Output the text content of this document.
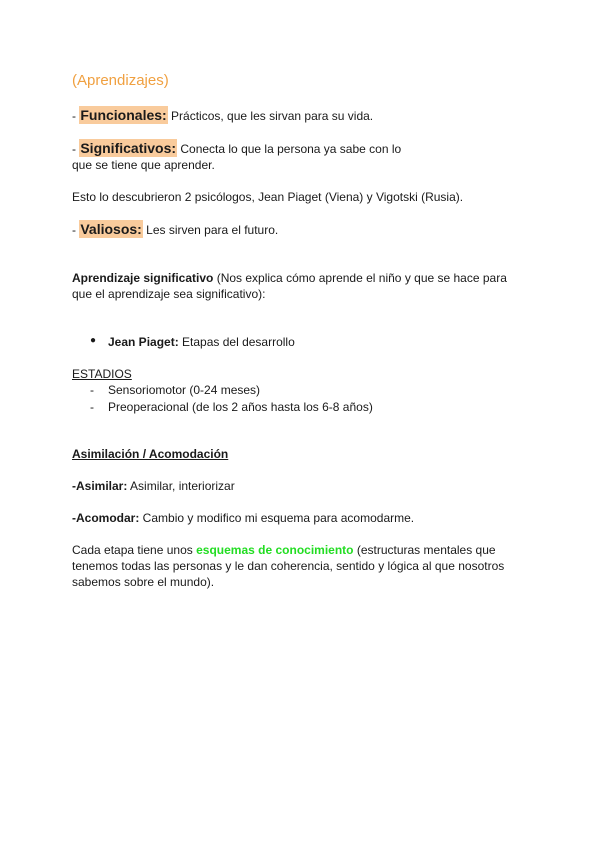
(Aprendizajes)
- Funcionales: Prácticos, que les sirvan para su vida.
- Significativos: Conecta lo que la persona ya sabe con lo
que se tiene que aprender.
Esto lo descubrieron 2 psicólogos, Jean Piaget (Viena) y Vigotski (Rusia).
- Valiosos: Les sirven para el futuro.
Aprendizaje significativo (Nos explica cómo aprende el niño y que se hace para
que el aprendizaje sea significativo):
● Jean Piaget: Etapas del desarrollo
ESTADIOS
- Sensoriomotor (0-24 meses)
- Preoperacional (de los 2 años hasta los 6-8 años)
Asimilación / Acomodación
-Asimilar: Asimilar, interiorizar
-Acomodar: Cambio y modifico mi esquema para acomodarme.
Cada etapa tiene unos esquemas de conocimiento (estructuras mentales que
tenemos todas las personas y le dan coherencia, sentido y lógica al que nosotros
sabemos sobre el mundo).
